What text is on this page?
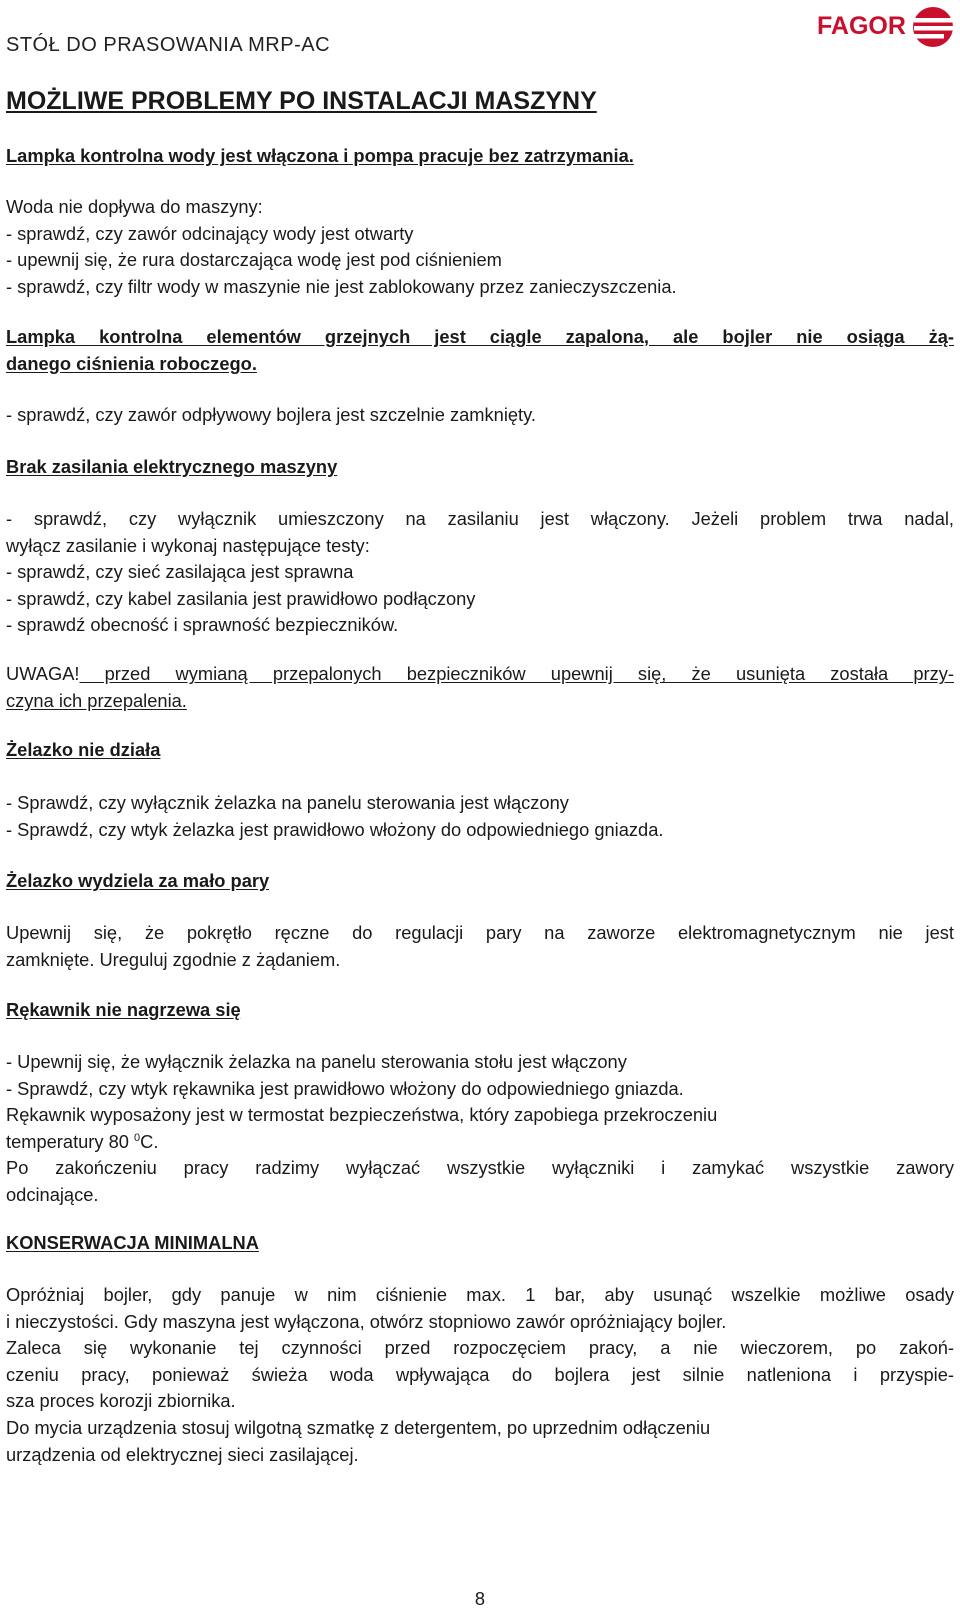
STÓŁ DO PRASOWANIA MRP-AC
FAGOR
MOŻLIWE PROBLEMY PO INSTALACJI MASZYNY
Lampka kontrolna wody jest włączona i pompa pracuje bez zatrzymania.
Woda nie dopływa do maszyny:
- sprawdź, czy zawór odcinający wody jest otwarty
- upewnij się, że rura dostarczająca wodę jest pod ciśnieniem
- sprawdź, czy filtr wody w maszynie nie jest zablokowany przez zanieczyszczenia.
Lampka kontrolna elementów grzejnych jest ciągle zapalona, ale bojler nie osiąga żą-
danego ciśnienia roboczego.
- sprawdź, czy zawór odpływowy bojlera jest szczelnie zamknięty.
Brak zasilania elektrycznego maszyny
- sprawdź, czy wyłącznik umieszczony na zasilaniu jest włączony. Jeżeli problem trwa nadal,
wyłącz zasilanie i wykonaj następujące testy:
- sprawdź, czy sieć zasilająca jest sprawna
- sprawdź, czy kabel zasilania jest prawidłowo podłączony
- sprawdź obecność i sprawność bezpieczników.
UWAGA! przed wymianą przepalonych bezpieczników upewnij się, że usunięta została przy-
czyna ich przepalenia.
Żelazko nie działa
- Sprawdź, czy wyłącznik żelazka na panelu sterowania jest włączony
- Sprawdź, czy wtyk żelazka jest prawidłowo włożony do odpowiedniego gniazda.
Żelazko wydziela za mało pary
Upewnij się, że pokrętło ręczne do regulacji pary na zaworze elektromagnetycznym nie jest
zamknięte. Ureguluj zgodnie z żądaniem.
Rękawnik nie nagrzewa się
- Upewnij się, że wyłącznik żelazka na panelu sterowania stołu jest włączony
- Sprawdź, czy wtyk rękawnika jest prawidłowo włożony do odpowiedniego gniazda.
Rękawnik wyposażony jest w termostat bezpieczeństwa, który zapobiega przekroczeniu
temperatury 80 $^0$C.
Po zakończeniu pracy radzimy wyłączać wszystkie wyłączniki i zamykać wszystkie zawory
odcinające.
KONSERWACJA MINIMALNA
Opróżniaj bojler, gdy panuje w nim ciśnienie max. 1 bar, aby usunąć wszelkie możliwe osady
i nieczystości. Gdy maszyna jest wyłączona, otwórz stopniowo zawór opróżniający bojler.
Zaleca się wykonanie tej czynności przed rozpoczęciem pracy, a nie wieczorem, po zakoń-
czeniu pracy, ponieważ świeża woda wpływająca do bojlera jest silnie natleniona i przyspie-
sza proces korozji zbiornika.
Do mycia urządzenia stosuj wilgotną szmatkę z detergentem, po uprzednim odłączeniu
urządzenia od elektrycznej sieci zasilającej.
8
